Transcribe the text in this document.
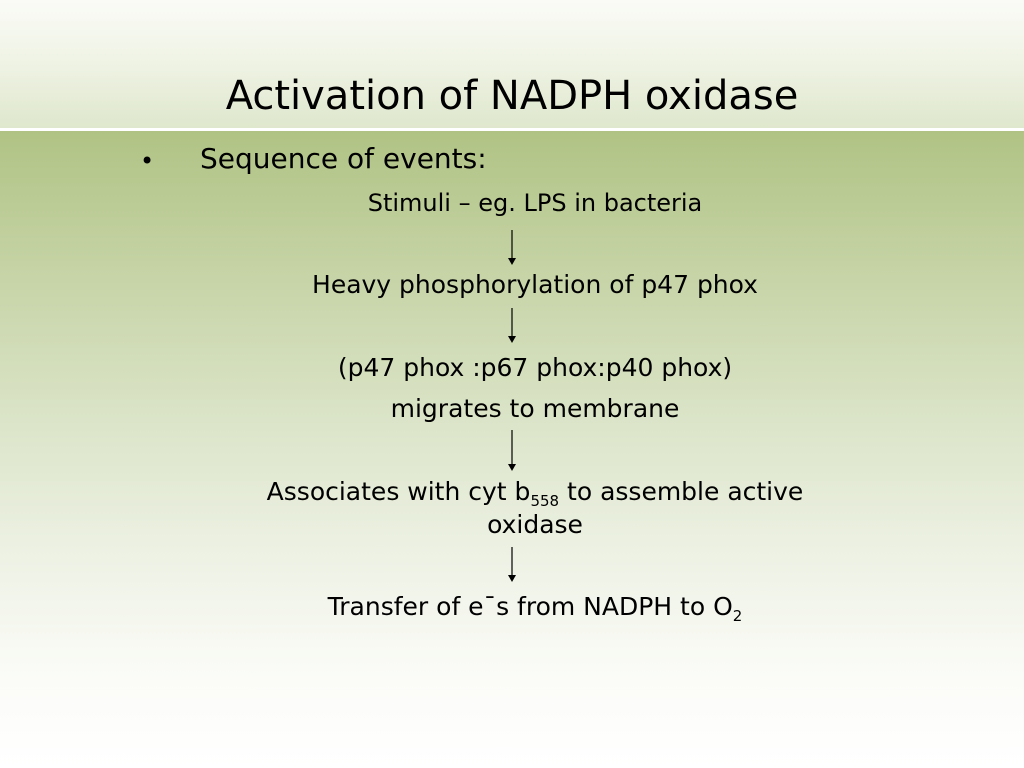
Activation of NADPH oxidase
• Sequence of events:
Stimuli – eg. LPS in bacteria
Heavy phosphorylation of p47 phox
(p47 phox :p67 phox:p40 phox)
migrates to membrane
Associates with cyt $b_{558}$ to assemble active
oxidase
Transfer of e¯s from NADPH to $O_2$
